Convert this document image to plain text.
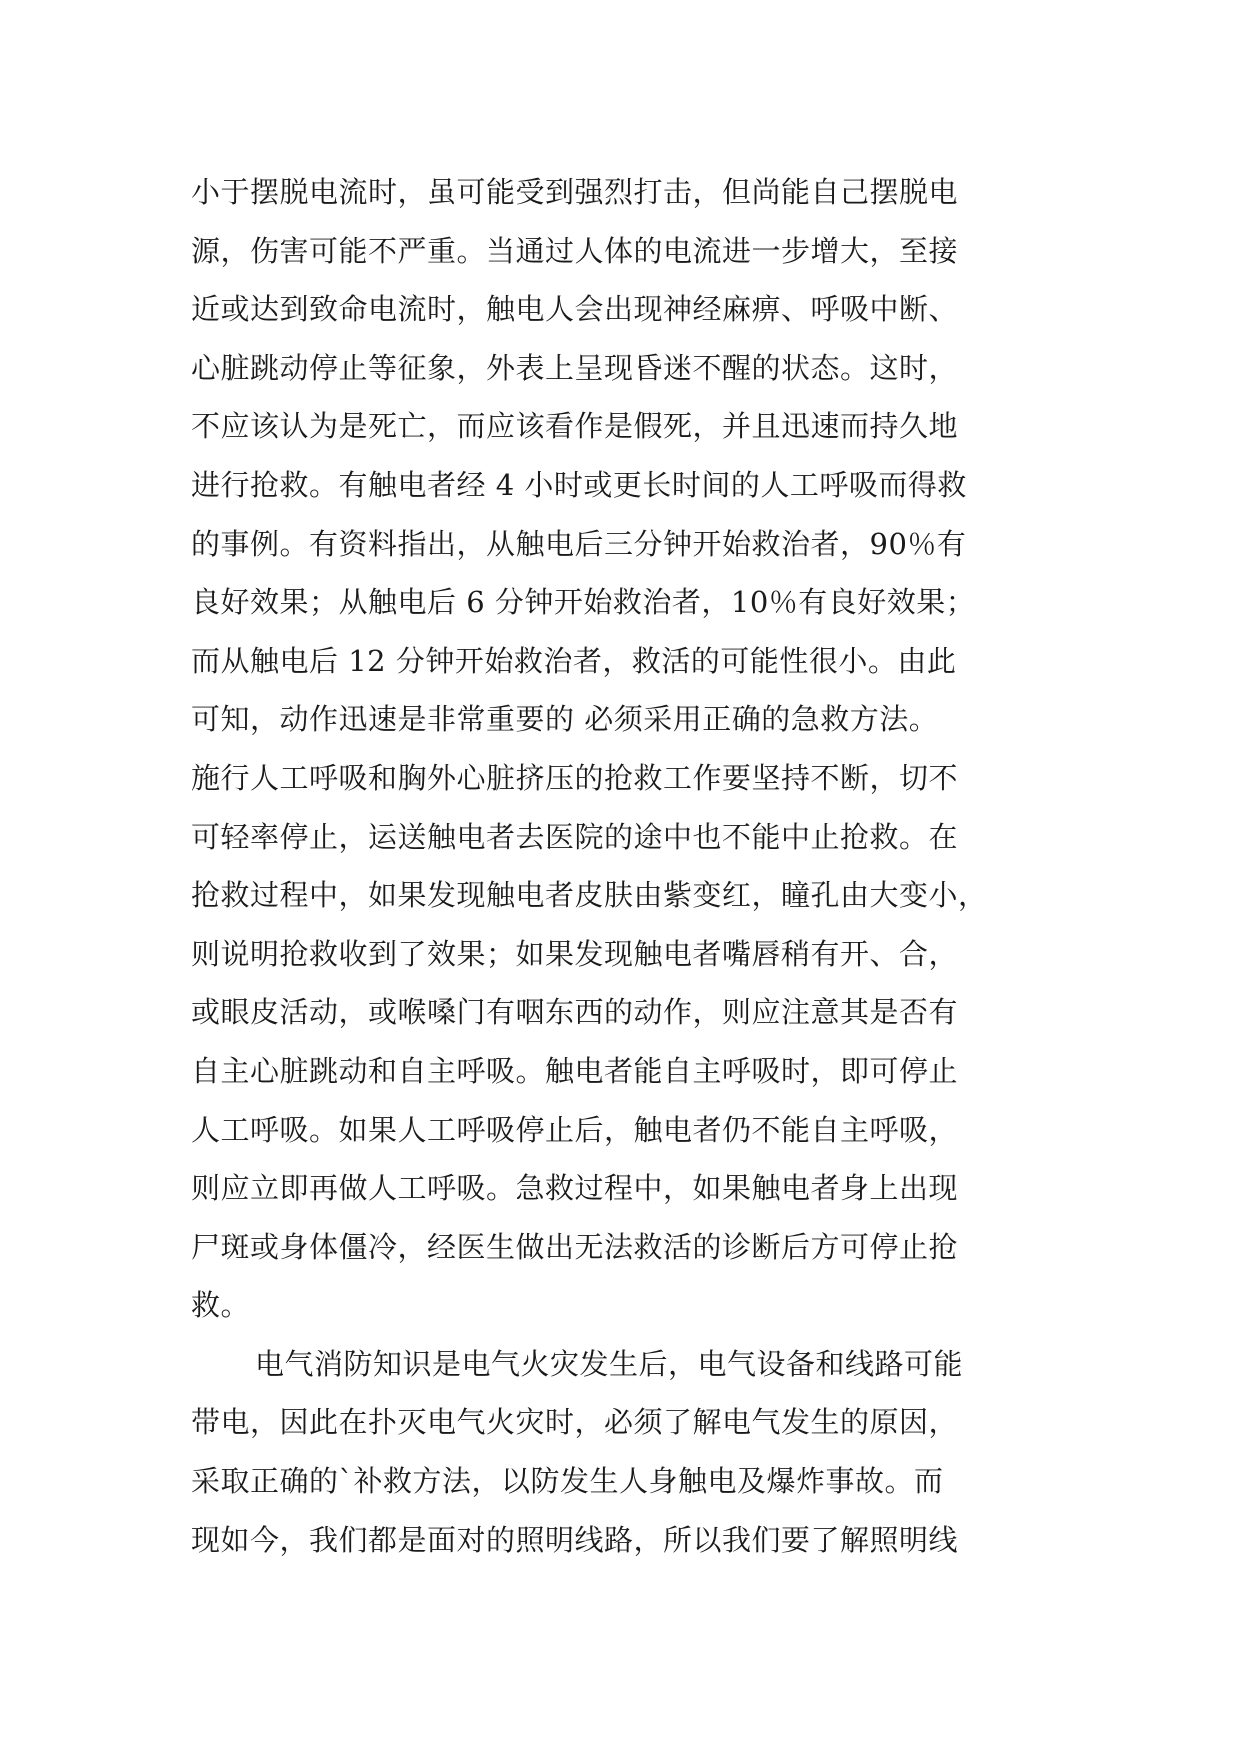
小于摆脱电流时，虽可能受到强烈打击，但尚能自己摆脱电
源，伤害可能不严重。当通过人体的电流进一步增大，至接
近或达到致命电流时，触电人会出现神经麻痹、呼吸中断、
心脏跳动停止等征象，外表上呈现昏迷不醒的状态。这时，
不应该认为是死亡，而应该看作是假死，并且迅速而持久地
进行抢救。有触电者经 4 小时或更长时间的人工呼吸而得救
的事例。有资料指出，从触电后三分钟开始救治者，90％有
良好效果；从触电后 6 分钟开始救治者，10％有良好效果；
而从触电后 12 分钟开始救治者，救活的可能性很小。由此
可知，动作迅速是非常重要的 必须采用正确的急救方法。
施行人工呼吸和胸外心脏挤压的抢救工作要坚持不断，切不
可轻率停止，运送触电者去医院的途中也不能中止抢救。在
抢救过程中，如果发现触电者皮肤由紫变红，瞳孔由大变小，
则说明抢救收到了效果；如果发现触电者嘴唇稍有开、合，
或眼皮活动，或喉嗓门有咽东西的动作，则应注意其是否有
自主心脏跳动和自主呼吸。触电者能自主呼吸时，即可停止
人工呼吸。如果人工呼吸停止后，触电者仍不能自主呼吸，
则应立即再做人工呼吸。急救过程中，如果触电者身上出现
尸斑或身体僵冷，经医生做出无法救活的诊断后方可停止抢
救。
电气消防知识是电气火灾发生后，电气设备和线路可能
带电，因此在扑灭电气火灾时，必须了解电气发生的原因，
采取正确的`补救方法，以防发生人身触电及爆炸事故。而
现如今，我们都是面对的照明线路，所以我们要了解照明线
